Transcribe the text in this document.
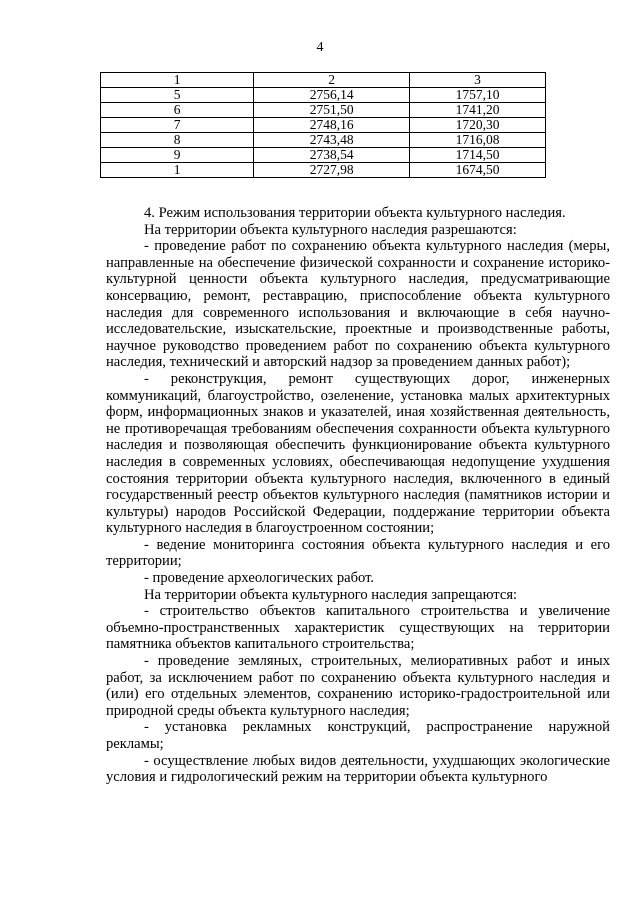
4
1	2	3
5	2756,14	1757,10
6	2751,50	1741,20
7	2748,16	1720,30
8	2743,48	1716,08
9	2738,54	1714,50
1	2727,98	1674,50

4. Режим использования территории объекта культурного наследия.

На территории объекта культурного наследия разрешаются:

- проведение работ по сохранению объекта культурного наследия (меры, направленные на обеспечение физической сохранности и сохранение историко-культурной ценности объекта культурного наследия, предусматривающие консервацию, ремонт, реставрацию, приспособление объекта культурного наследия для современного использования и включающие в себя научно-исследовательские, изыскательские, проектные и производственные работы, научное руководство проведением работ по сохранению объекта культурного наследия, технический и авторский надзор за проведением данных работ);

- реконструкция, ремонт существующих дорог, инженерных коммуникаций, благоустройство, озеленение, установка малых архитектурных форм, информационных знаков и указателей, иная хозяйственная деятельность, не противоречащая требованиям обеспечения сохранности объекта культурного наследия и позволяющая обеспечить функционирование объекта культурного наследия в современных условиях, обеспечивающая недопущение ухудшения состояния территории объекта культурного наследия, включенного в единый государственный реестр объектов культурного наследия (памятников истории и культуры) народов Российской Федерации, поддержание территории объекта культурного наследия в благоустроенном состоянии;

- ведение мониторинга состояния объекта культурного наследия и его территории;

- проведение археологических работ.

На территории объекта культурного наследия запрещаются:

- строительство объектов капитального строительства и увеличение объемно-пространственных характеристик существующих на территории памятника объектов капитального строительства;

- проведение земляных, строительных, мелиоративных работ и иных работ, за исключением работ по сохранению объекта культурного наследия и (или) его отдельных элементов, сохранению историко-градостроительной или природной среды объекта культурного наследия;

- установка рекламных конструкций, распространение наружной рекламы;

- осуществление любых видов деятельности, ухудшающих экологические условия и гидрологический режим на территории объекта культурного
